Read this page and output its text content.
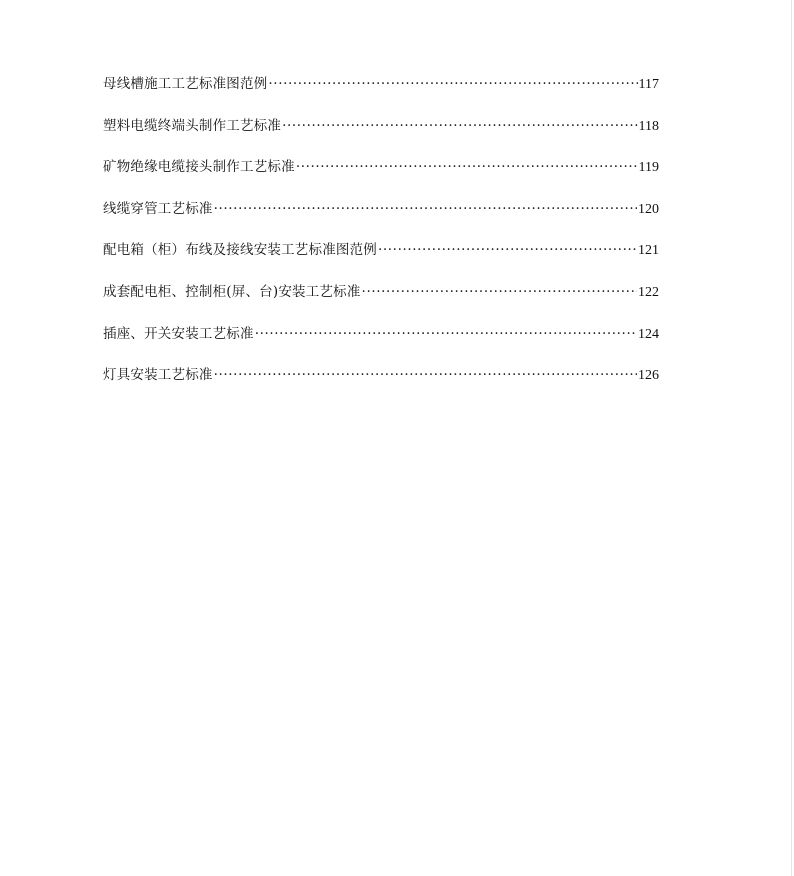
母线槽施工工艺标准图范例 ·····	117
塑料电缆终端头制作工艺标准 ·····	118
矿物绝缘电缆接头制作工艺标准 ·····	119
线缆穿管工艺标准 ·····	120
配电箱（柜）布线及接线安装工艺标准图范例 ·····	121
成套配电柜、控制柜(屏、台)安装工艺标准 ·····	122
插座、开关安装工艺标准 ·····	124
灯具安装工艺标准 ·····	126
